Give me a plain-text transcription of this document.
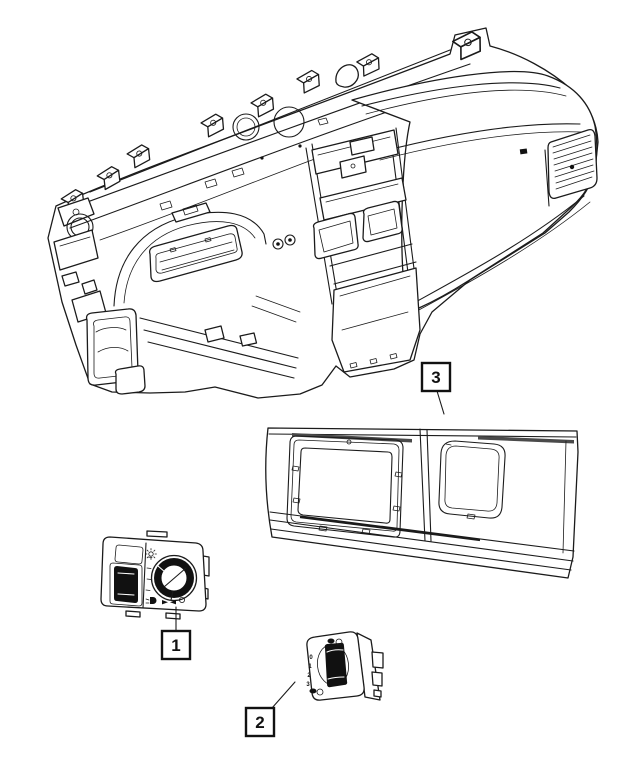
0
1
2
3
1
2
3
